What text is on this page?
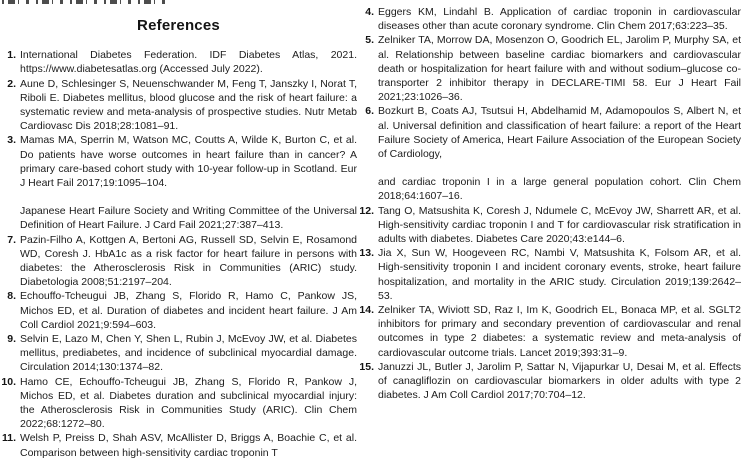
References
1. International Diabetes Federation. IDF Diabetes Atlas, 2021. https://www.diabetesatlas.org (Accessed July 2022).
2. Aune D, Schlesinger S, Neuenschwander M, Feng T, Janszky I, Norat T, Riboli E. Diabetes mellitus, blood glucose and the risk of heart failure: a systematic review and meta-analysis of prospective studies. Nutr Metab Cardiovasc Dis 2018;28:1081–91.
3. Mamas MA, Sperrin M, Watson MC, Coutts A, Wilde K, Burton C, et al. Do patients have worse outcomes in heart failure than in cancer? A primary care-based cohort study with 10-year follow-up in Scotland. Eur J Heart Fail 2017;19:1095–104.
Japanese Heart Failure Society and Writing Committee of the Universal Definition of Heart Failure. J Card Fail 2021;27:387–413.
7. Pazin-Filho A, Kottgen A, Bertoni AG, Russell SD, Selvin E, Rosamond WD, Coresh J. HbA1c as a risk factor for heart failure in persons with diabetes: the Atherosclerosis Risk in Communities (ARIC) study. Diabetologia 2008;51:2197–204.
8. Echouffo-Tcheugui JB, Zhang S, Florido R, Hamo C, Pankow JS, Michos ED, et al. Duration of diabetes and incident heart failure. J Am Coll Cardiol 2021;9:594–603.
9. Selvin E, Lazo M, Chen Y, Shen L, Rubin J, McEvoy JW, et al. Diabetes mellitus, prediabetes, and incidence of subclinical myocardial damage. Circulation 2014;130:1374–82.
10. Hamo CE, Echouffo-Tcheugui JB, Zhang S, Florido R, Pankow J, Michos ED, et al. Diabetes duration and subclinical myocardial injury: the Atherosclerosis Risk in Communities Study (ARIC). Clin Chem 2022;68:1272–80.
11. Welsh P, Preiss D, Shah ASV, McAllister D, Briggs A, Boachie C, et al. Comparison between high-sensitivity cardiac troponin T
4. Eggers KM, Lindahl B. Application of cardiac troponin in cardiovascular diseases other than acute coronary syndrome. Clin Chem 2017;63:223–35.
5. Zelniker TA, Morrow DA, Mosenzon O, Goodrich EL, Jarolim P, Murphy SA, et al. Relationship between baseline cardiac biomarkers and cardiovascular death or hospitalization for heart failure with and without sodium–glucose co-transporter 2 inhibitor therapy in DECLARE-TIMI 58. Eur J Heart Fail 2021;23:1026–36.
6. Bozkurt B, Coats AJ, Tsutsui H, Abdelhamid M, Adamopoulos S, Albert N, et al. Universal definition and classification of heart failure: a report of the Heart Failure Society of America, Heart Failure Association of the European Society of Cardiology,
and cardiac troponin I in a large general population cohort. Clin Chem 2018;64:1607–16.
12. Tang O, Matsushita K, Coresh J, Ndumele C, McEvoy JW, Sharrett AR, et al. High-sensitivity cardiac troponin I and T for cardiovascular risk stratification in adults with diabetes. Diabetes Care 2020;43:e144–6.
13. Jia X, Sun W, Hoogeveen RC, Nambi V, Matsushita K, Folsom AR, et al. High-sensitivity troponin I and incident coronary events, stroke, heart failure hospitalization, and mortality in the ARIC study. Circulation 2019;139:2642–53.
14. Zelniker TA, Wiviott SD, Raz I, Im K, Goodrich EL, Bonaca MP, et al. SGLT2 inhibitors for primary and secondary prevention of cardiovascular and renal outcomes in type 2 diabetes: a systematic review and meta-analysis of cardiovascular outcome trials. Lancet 2019;393:31–9.
15. Januzzi JL, Butler J, Jarolim P, Sattar N, Vijapurkar U, Desai M, et al. Effects of canagliflozin on cardiovascular biomarkers in older adults with type 2 diabetes. J Am Coll Cardiol 2017;70:704–12.
